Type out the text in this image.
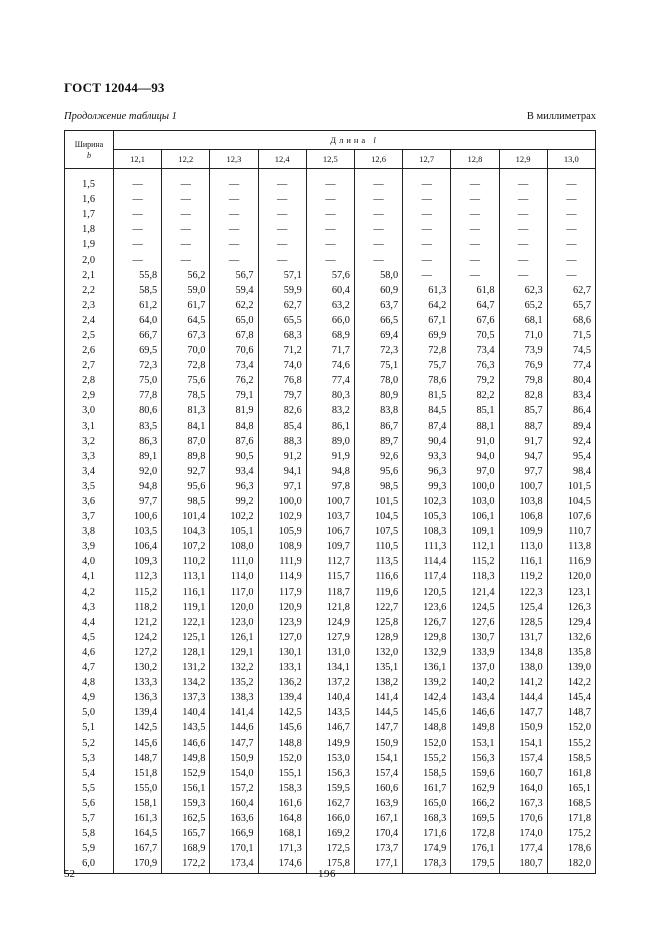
ГОСТ 12044—93
Продолжение таблицы 1	В миллиметрах
Ширина
b	Длина l									
	12,1	12,2	12,3	12,4	12,5	12,6	12,7	12,8	12,9	13,0

1,5	—	—	—	—	—	—	—	—	—	—
1,6	—	—	—	—	—	—	—	—	—	—
1,7	—	—	—	—	—	—	—	—	—	—
1,8	—	—	—	—	—	—	—	—	—	—
1,9	—	—	—	—	—	—	—	—	—	—
2,0	—	—	—	—	—	—	—	—	—	—
2,1	55,8	56,2	56,7	57,1	57,6	58,0	—	—	—	—
2,2	58,5	59,0	59,4	59,9	60,4	60,9	61,3	61,8	62,3	62,7
2,3	61,2	61,7	62,2	62,7	63,2	63,7	64,2	64,7	65,2	65,7
2,4	64,0	64,5	65,0	65,5	66,0	66,5	67,1	67,6	68,1	68,6
2,5	66,7	67,3	67,8	68,3	68,9	69,4	69,9	70,5	71,0	71,5
2,6	69,5	70,0	70,6	71,2	71,7	72,3	72,8	73,4	73,9	74,5
2,7	72,3	72,8	73,4	74,0	74,6	75,1	75,7	76,3	76,9	77,4
2,8	75,0	75,6	76,2	76,8	77,4	78,0	78,6	79,2	79,8	80,4
2,9	77,8	78,5	79,1	79,7	80,3	80,9	81,5	82,2	82,8	83,4
3,0	80,6	81,3	81,9	82,6	83,2	83,8	84,5	85,1	85,7	86,4
3,1	83,5	84,1	84,8	85,4	86,1	86,7	87,4	88,1	88,7	89,4
3,2	86,3	87,0	87,6	88,3	89,0	89,7	90,4	91,0	91,7	92,4
3,3	89,1	89,8	90,5	91,2	91,9	92,6	93,3	94,0	94,7	95,4
3,4	92,0	92,7	93,4	94,1	94,8	95,6	96,3	97,0	97,7	98,4
3,5	94,8	95,6	96,3	97,1	97,8	98,5	99,3	100,0	100,7	101,5
3,6	97,7	98,5	99,2	100,0	100,7	101,5	102,3	103,0	103,8	104,5
3,7	100,6	101,4	102,2	102,9	103,7	104,5	105,3	106,1	106,8	107,6
3,8	103,5	104,3	105,1	105,9	106,7	107,5	108,3	109,1	109,9	110,7
3,9	106,4	107,2	108,0	108,9	109,7	110,5	111,3	112,1	113,0	113,8
4,0	109,3	110,2	111,0	111,9	112,7	113,5	114,4	115,2	116,1	116,9
4,1	112,3	113,1	114,0	114,9	115,7	116,6	117,4	118,3	119,2	120,0
4,2	115,2	116,1	117,0	117,9	118,7	119,6	120,5	121,4	122,3	123,1
4,3	118,2	119,1	120,0	120,9	121,8	122,7	123,6	124,5	125,4	126,3
4,4	121,2	122,1	123,0	123,9	124,9	125,8	126,7	127,6	128,5	129,4
4,5	124,2	125,1	126,1	127,0	127,9	128,9	129,8	130,7	131,7	132,6
4,6	127,2	128,1	129,1	130,1	131,0	132,0	132,9	133,9	134,8	135,8
4,7	130,2	131,2	132,2	133,1	134,1	135,1	136,1	137,0	138,0	139,0
4,8	133,3	134,2	135,2	136,2	137,2	138,2	139,2	140,2	141,2	142,2
4,9	136,3	137,3	138,3	139,4	140,4	141,4	142,4	143,4	144,4	145,4
5,0	139,4	140,4	141,4	142,5	143,5	144,5	145,6	146,6	147,7	148,7
5,1	142,5	143,5	144,6	145,6	146,7	147,7	148,8	149,8	150,9	152,0
5,2	145,6	146,6	147,7	148,8	149,9	150,9	152,0	153,1	154,1	155,2
5,3	148,7	149,8	150,9	152,0	153,0	154,1	155,2	156,3	157,4	158,5
5,4	151,8	152,9	154,0	155,1	156,3	157,4	158,5	159,6	160,7	161,8
5,5	155,0	156,1	157,2	158,3	159,5	160,6	161,7	162,9	164,0	165,1
5,6	158,1	159,3	160,4	161,6	162,7	163,9	165,0	166,2	167,3	168,5
5,7	161,3	162,5	163,6	164,8	166,0	167,1	168,3	169,5	170,6	171,8
5,8	164,5	165,7	166,9	168,1	169,2	170,4	171,6	172,8	174,0	175,2
5,9	167,7	168,9	170,1	171,3	172,5	173,7	174,9	176,1	177,4	178,6
6,0	170,9	172,2	173,4	174,6	175,8	177,1	178,3	179,5	180,7	182,0

52	196
